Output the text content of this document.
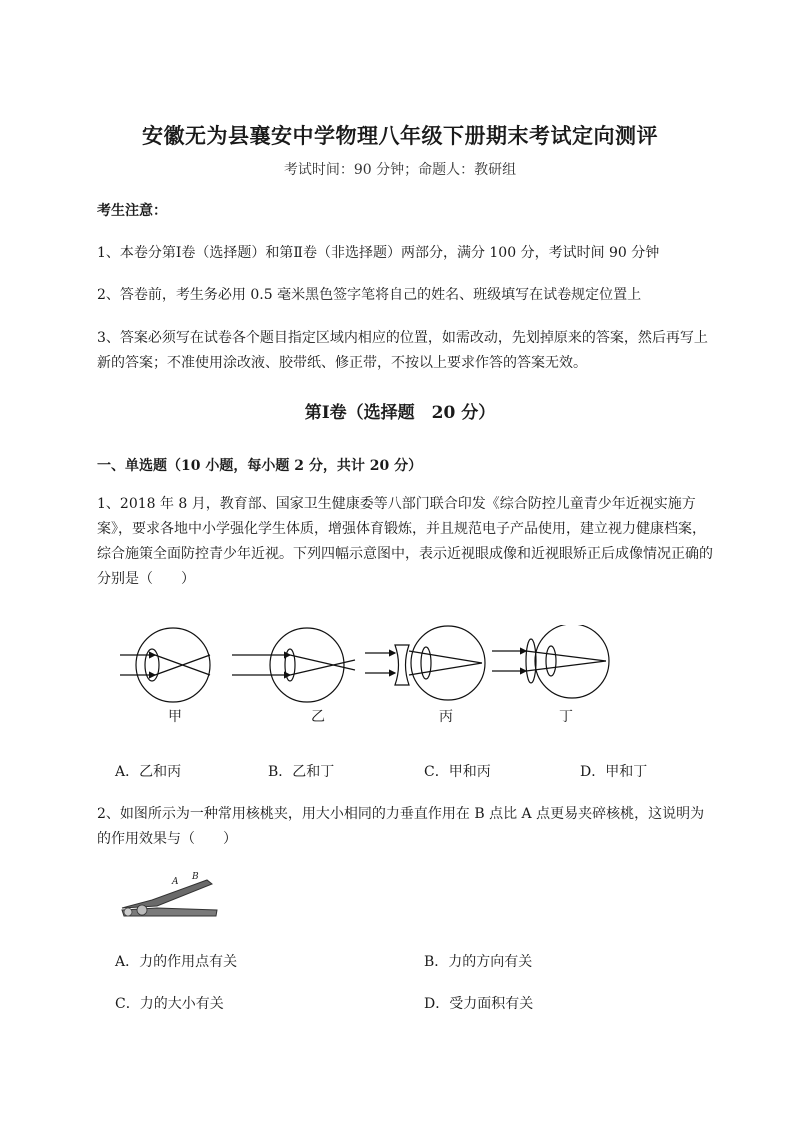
安徽无为县襄安中学物理八年级下册期末考试定向测评
考试时间：90 分钟；命题人：教研组
考生注意：
1、本卷分第Ⅰ卷（选择题）和第Ⅱ卷（非选择题）两部分，满分 100 分，考试时间 90 分钟
2、答卷前，考生务必用 0.5 毫米黑色签字笔将自己的姓名、班级填写在试卷规定位置上
3、答案必须写在试卷各个题目指定区域内相应的位置，如需改动，先划掉原来的答案，然后再写上新的答案；不准使用涂改液、胶带纸、修正带，不按以上要求作答的答案无效。
第Ⅰ卷（选择题　20 分）
一、单选题（10 小题，每小题 2 分，共计 20 分）
1、2018 年 8 月，教育部、国家卫生健康委等八部门联合印发《综合防控儿童青少年近视实施方案》，要求各地中小学强化学生体质，增强体育锻炼，并且规范电子产品使用，建立视力健康档案，综合施策全面防控青少年近视。下列四幅示意图中，表示近视眼成像和近视眼矫正后成像情况正确的分别是（　　）
甲	乙	丙	丁
A．乙和丙	B．乙和丁	C．甲和丙	D．甲和丁
2、如图所示为一种常用核桃夹，用大小相同的力垂直作用在 B 点比 A 点更易夹碎核桃，这说明为的作用效果与（　　）
A B
A．力的作用点有关	B．力的方向有关
C．力的大小有关	D．受力面积有关
